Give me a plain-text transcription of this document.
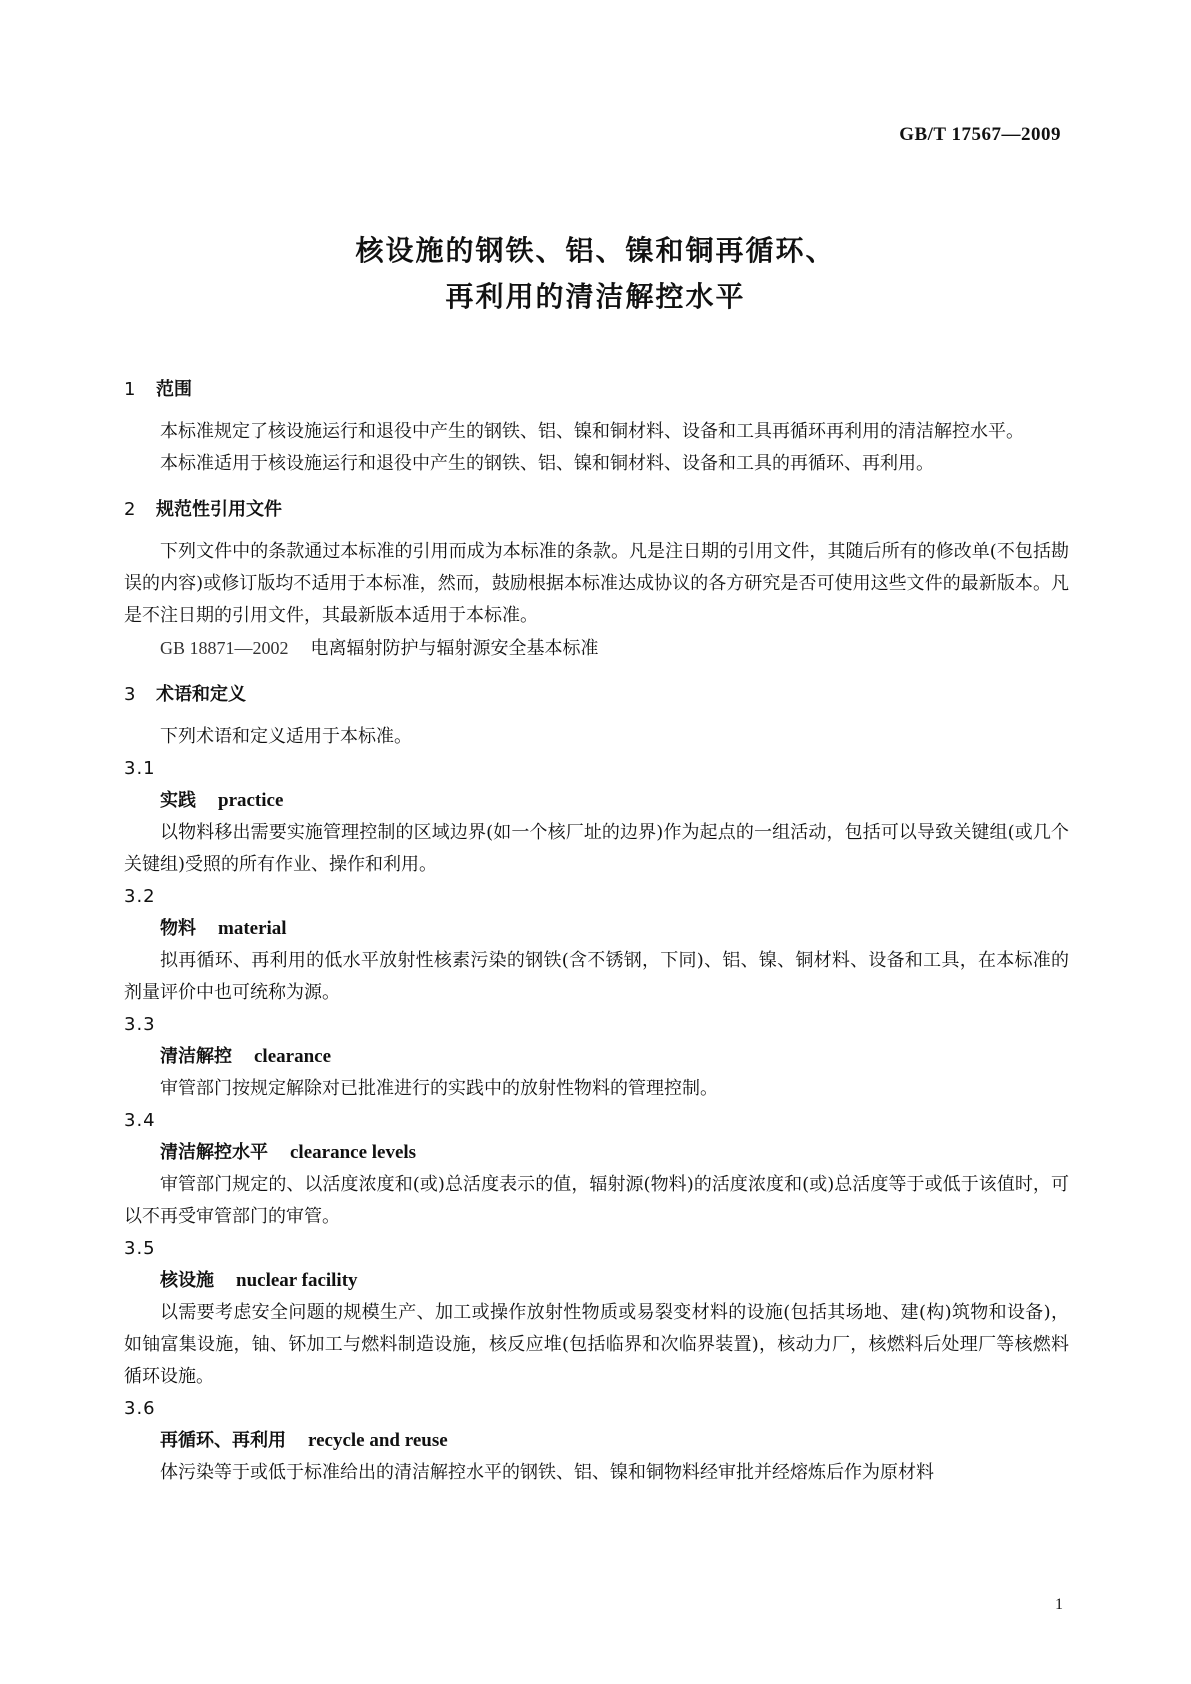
GB/T 17567—2009
核设施的钢铁、铝、镍和铜再循环、
再利用的清洁解控水平
1 范围
本标准规定了核设施运行和退役中产生的钢铁、铝、镍和铜材料、设备和工具再循环再利用的清洁解控水平。
本标准适用于核设施运行和退役中产生的钢铁、铝、镍和铜材料、设备和工具的再循环、再利用。
2 规范性引用文件
下列文件中的条款通过本标准的引用而成为本标准的条款。凡是注日期的引用文件，其随后所有的修改单(不包括勘误的内容)或修订版均不适用于本标准，然而，鼓励根据本标准达成协议的各方研究是否可使用这些文件的最新版本。凡是不注日期的引用文件，其最新版本适用于本标准。
GB 18871—2002 电离辐射防护与辐射源安全基本标准
3 术语和定义
下列术语和定义适用于本标准。
3.1
实践 practice
以物料移出需要实施管理控制的区域边界(如一个核厂址的边界)作为起点的一组活动，包括可以导致关键组(或几个关键组)受照的所有作业、操作和利用。
3.2
物料 material
拟再循环、再利用的低水平放射性核素污染的钢铁(含不锈钢，下同)、铝、镍、铜材料、设备和工具，在本标准的剂量评价中也可统称为源。
3.3
清洁解控 clearance
审管部门按规定解除对已批准进行的实践中的放射性物料的管理控制。
3.4
清洁解控水平 clearance levels
审管部门规定的、以活度浓度和(或)总活度表示的值，辐射源(物料)的活度浓度和(或)总活度等于或低于该值时，可以不再受审管部门的审管。
3.5
核设施 nuclear facility
以需要考虑安全问题的规模生产、加工或操作放射性物质或易裂变材料的设施(包括其场地、建(构)筑物和设备)，如铀富集设施，铀、钚加工与燃料制造设施，核反应堆(包括临界和次临界装置)，核动力厂，核燃料后处理厂等核燃料循环设施。
3.6
再循环、再利用 recycle and reuse
体污染等于或低于标准给出的清洁解控水平的钢铁、铝、镍和铜物料经审批并经熔炼后作为原材料
1
